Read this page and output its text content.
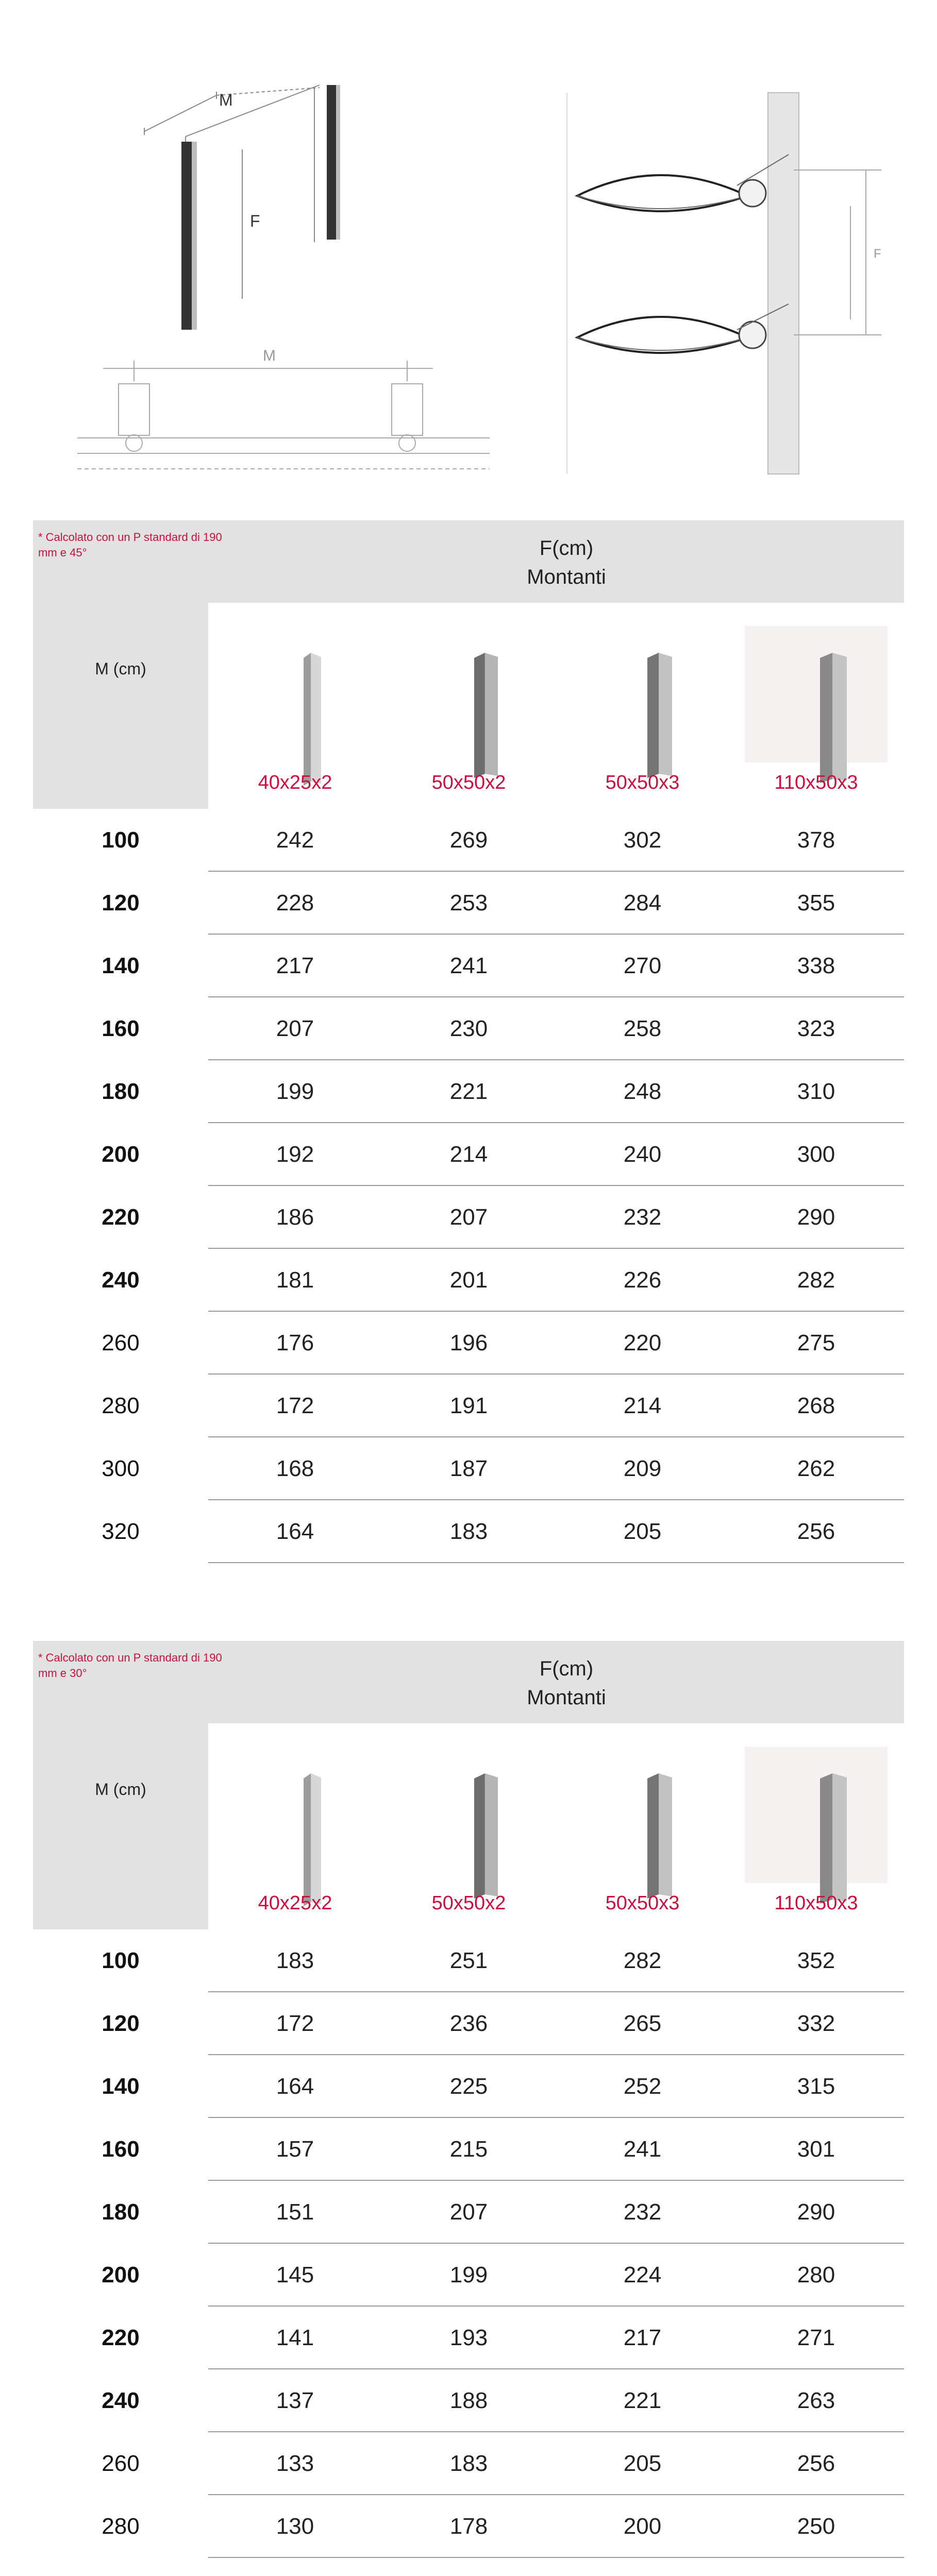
M
F
M
F
* Calcolato con un P standard di 190 mm e 45°	F(cm)
Montanti
M (cm)
40x25x2	50x50x2	50x50x3	110x50x3
100	242	269	302	378
120	228	253	284	355
140	217	241	270	338
160	207	230	258	323
180	199	221	248	310
200	192	214	240	300
220	186	207	232	290
240	181	201	226	282
260	176	196	220	275
280	172	191	214	268
300	168	187	209	262
320	164	183	205	256
* Calcolato con un P standard di 190 mm e 30°	F(cm)
Montanti
M (cm)
40x25x2	50x50x2	50x50x3	110x50x3
100	183	251	282	352
120	172	236	265	332
140	164	225	252	315
160	157	215	241	301
180	151	207	232	290
200	145	199	224	280
220	141	193	217	271
240	137	188	221	263
260	133	183	205	256
280	130	178	200	250
